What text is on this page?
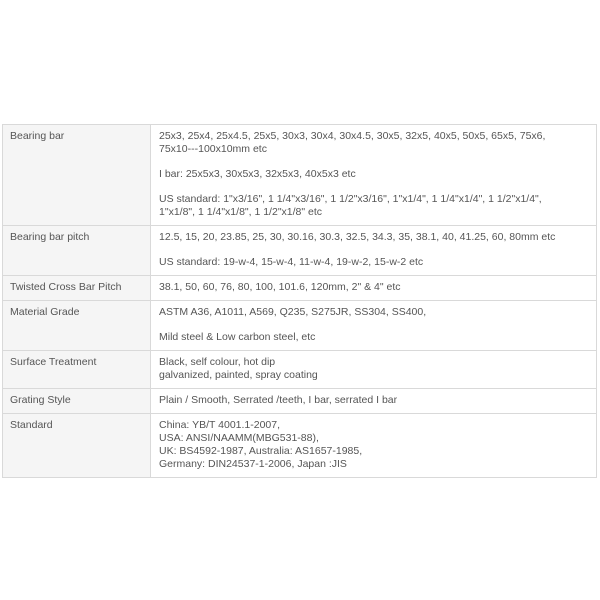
Bearing bar	25x3, 25x4, 25x4.5, 25x5, 30x3, 30x4, 30x4.5, 30x5, 32x5, 40x5, 50x5, 65x5, 75x6,
75x10---100x10mm etc
I bar: 25x5x3, 30x5x3, 32x5x3, 40x5x3 etc
US standard: 1"x3/16", 1 1/4"x3/16", 1 1/2"x3/16", 1"x1/4", 1 1/4"x1/4", 1 1/2"x1/4",
1"x1/8", 1 1/4"x1/8", 1 1/2"x1/8" etc

Bearing bar pitch	12.5, 15, 20, 23.85, 25, 30, 30.16, 30.3, 32.5, 34.3, 35, 38.1, 40, 41.25, 60, 80mm etc
US standard: 19-w-4, 15-w-4, 11-w-4, 19-w-2, 15-w-2 etc

Twisted Cross Bar Pitch	38.1, 50, 60, 76, 80, 100, 101.6, 120mm, 2" & 4" etc

Material Grade	ASTM A36, A1011, A569, Q235, S275JR, SS304, SS400,
Mild steel & Low carbon steel, etc

Surface Treatment	Black, self colour, hot dip
galvanized, painted, spray coating

Grating Style	Plain / Smooth, Serrated /teeth, I bar, serrated I bar

Standard	China: YB/T 4001.1-2007,
USA: ANSI/NAAMM(MBG531-88),
UK: BS4592-1987, Australia: AS1657-1985,
Germany: DIN24537-1-2006, Japan :JIS
